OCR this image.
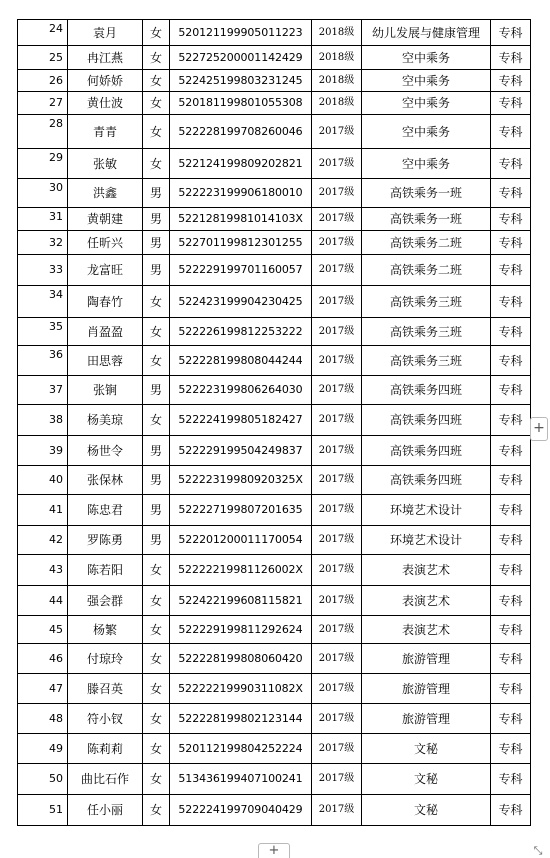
24	袁月	女	520121199905011223	2018级	幼儿发展与健康管理	专科
25	冉江燕	女	522725200001142429	2018级	空中乘务	专科
26	何娇娇	女	522425199803231245	2018级	空中乘务	专科
27	黄仕波	女	520181199801055308	2018级	空中乘务	专科
28	青青	女	522228199708260046	2017级	空中乘务	专科
29	张敏	女	522124199809202821	2017级	空中乘务	专科
30	洪鑫	男	522223199906180010	2017级	高铁乘务一班	专科
31	黄朝建	男	52212819981014103X	2017级	高铁乘务一班	专科
32	任昕兴	男	522701199812301255	2017级	高铁乘务二班	专科
33	龙富旺	男	522229199701160057	2017级	高铁乘务二班	专科
34	陶春竹	女	522423199904230425	2017级	高铁乘务三班	专科
35	肖盈盈	女	522226199812253222	2017级	高铁乘务三班	专科
36	田思蓉	女	522228199808044244	2017级	高铁乘务三班	专科
37	张锏	男	522223199806264030	2017级	高铁乘务四班	专科
38	杨美琼	女	522224199805182427	2017级	高铁乘务四班	专科
39	杨世令	男	522229199504249837	2017级	高铁乘务四班	专科
40	张保林	男	52222319980920325X	2017级	高铁乘务四班	专科
41	陈忠君	男	522227199807201635	2017级	环境艺术设计	专科
42	罗陈勇	男	522201200011170054	2017级	环境艺术设计	专科
43	陈若阳	女	52222219981126002X	2017级	表演艺术	专科
44	强会群	女	522422199608115821	2017级	表演艺术	专科
45	杨繁	女	522229199811292624	2017级	表演艺术	专科
46	付琼玲	女	522228199808060420	2017级	旅游管理	专科
47	滕召英	女	52222219990311082X	2017级	旅游管理	专科
48	符小钗	女	522228199802123144	2017级	旅游管理	专科
49	陈莉莉	女	520112199804252224	2017级	文秘	专科
50	曲比石作	女	513436199407100241	2017级	文秘	专科
51	任小丽	女	522224199709040429	2017级	文秘	专科
+
+	⤡
